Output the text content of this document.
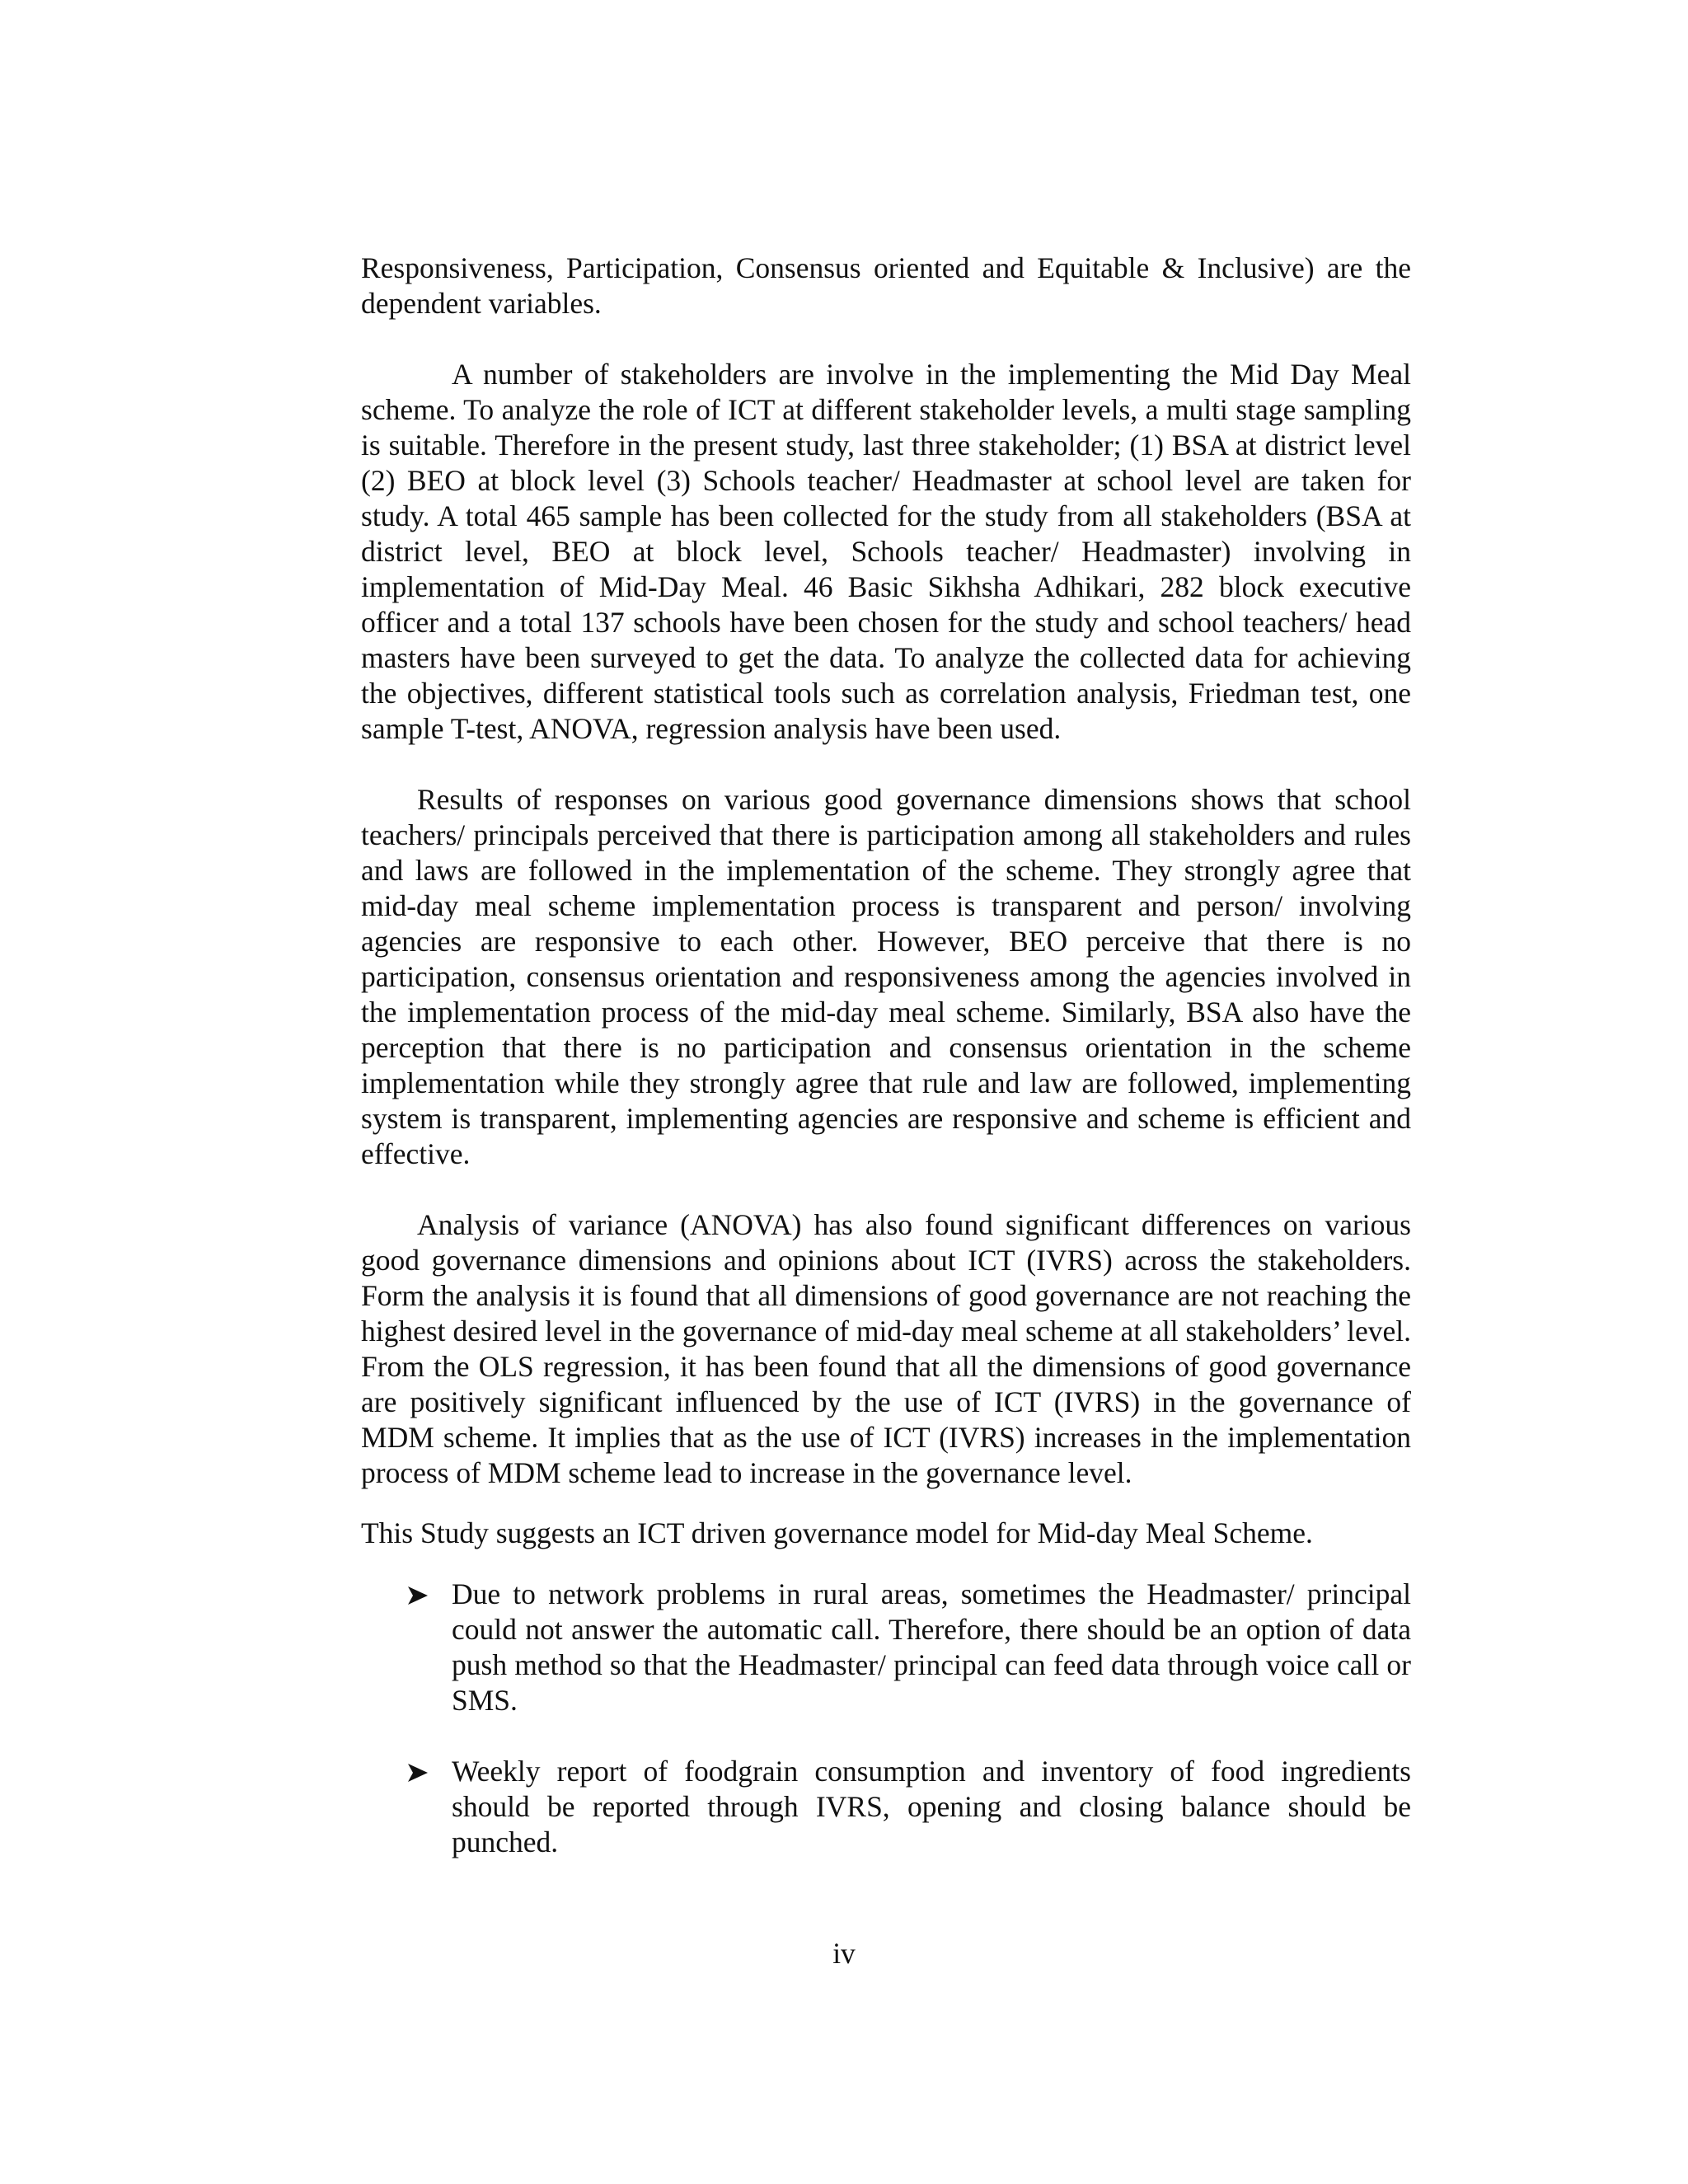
Responsiveness, Participation, Consensus oriented and Equitable & Inclusive) are the dependent variables.

A number of stakeholders are involve in the implementing the Mid Day Meal scheme. To analyze the role of ICT at different stakeholder levels, a multi stage sampling is suitable. Therefore in the present study, last three stakeholder; (1) BSA at district level (2) BEO at block level (3) Schools teacher/ Headmaster at school level are taken for study. A total 465 sample has been collected for the study from all stakeholders (BSA at district level, BEO at block level, Schools teacher/ Headmaster) involving in implementation of Mid-Day Meal. 46 Basic Sikhsha Adhikari, 282 block executive officer and a total 137 schools have been chosen for the study and school teachers/ head masters have been surveyed to get the data. To analyze the collected data for achieving the objectives, different statistical tools such as correlation analysis, Friedman test, one sample T-test, ANOVA, regression analysis have been used.

Results of responses on various good governance dimensions shows that school teachers/ principals perceived that there is participation among all stakeholders and rules and laws are followed in the implementation of the scheme. They strongly agree that mid-day meal scheme implementation process is transparent and person/ involving agencies are responsive to each other. However, BEO perceive that there is no participation, consensus orientation and responsiveness among the agencies involved in the implementation process of the mid-day meal scheme. Similarly, BSA also have the perception that there is no participation and consensus orientation in the scheme implementation while they strongly agree that rule and law are followed, implementing system is transparent, implementing agencies are responsive and scheme is efficient and effective.

Analysis of variance (ANOVA) has also found significant differences on various good governance dimensions and opinions about ICT (IVRS) across the stakeholders. Form the analysis it is found that all dimensions of good governance are not reaching the highest desired level in the governance of mid-day meal scheme at all stakeholders’ level. From the OLS regression, it has been found that all the dimensions of good governance are positively significant influenced by the use of ICT (IVRS) in the governance of MDM scheme. It implies that as the use of ICT (IVRS) increases in the implementation process of MDM scheme lead to increase in the governance level.

This Study suggests an ICT driven governance model for Mid-day Meal Scheme.

Due to network problems in rural areas, sometimes the Headmaster/ principal could not answer the automatic call. Therefore, there should be an option of data push method so that the Headmaster/ principal can feed data through voice call or SMS.
Weekly report of foodgrain consumption and inventory of food ingredients should be reported through IVRS, opening and closing balance should be punched.
iv
